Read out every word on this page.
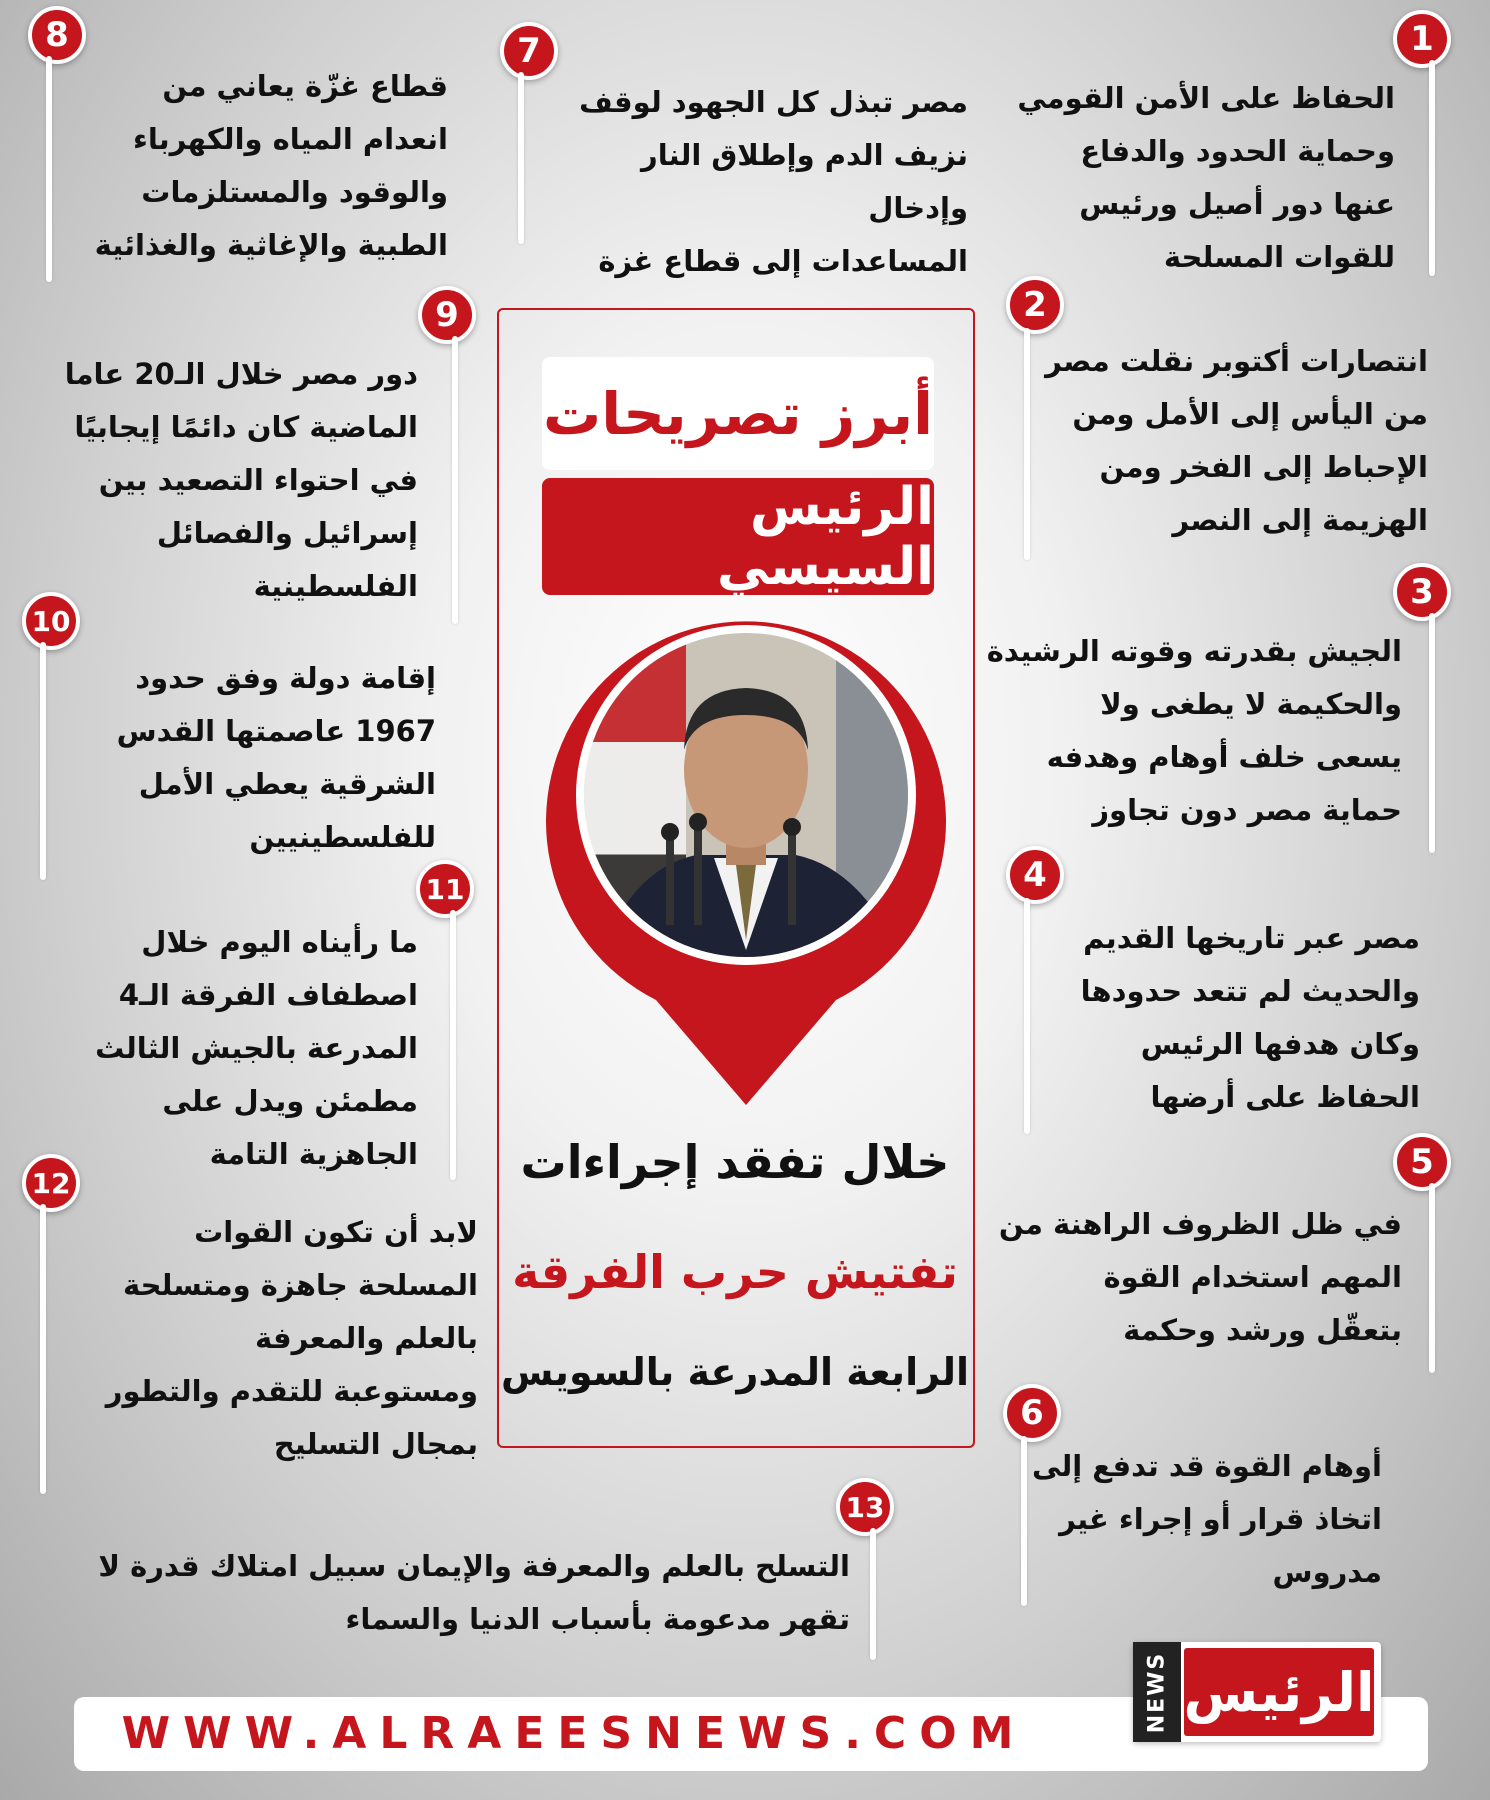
أبرز تصريحات
الرئيس السيسي
خلال تفقد إجراءات
تفتيش حرب الفرقة
الرابعة المدرعة بالسويس
1
الحفاظ على الأمن القومي
وحماية الحدود والدفاع
عنها دور أصيل ورئيس
للقوات المسلحة
2
انتصارات أكتوبر نقلت مصر
من اليأس إلى الأمل ومن
الإحباط إلى الفخر ومن
الهزيمة إلى النصر
3
الجيش بقدرته وقوته الرشيدة
والحكيمة لا يطغى ولا
يسعى خلف أوهام وهدفه
حماية مصر دون تجاوز
4
مصر عبر تاريخها القديم
والحديث لم تتعد حدودها
وكان هدفها الرئيس
الحفاظ على أرضها
5
في ظل الظروف الراهنة من
المهم استخدام القوة
بتعقّل ورشد وحكمة
6
أوهام القوة قد تدفع إلى
اتخاذ قرار أو إجراء غير
مدروس
7
مصر تبذل كل الجهود لوقف
نزيف الدم وإطلاق النار وإدخال
المساعدات إلى قطاع غزة
8
قطاع غزّة يعاني من
انعدام المياه والكهرباء
والوقود والمستلزمات
الطبية والإغاثية والغذائية
9
دور مصر خلال الـ20 عاما
الماضية كان دائمًا إيجابيًا
في احتواء التصعيد بين
إسرائيل والفصائل
الفلسطينية
10
إقامة دولة وفق حدود
1967 عاصمتها القدس
الشرقية يعطي الأمل
للفلسطينيين
11
ما رأيناه اليوم خلال
اصطفاف الفرقة الـ4
المدرعة بالجيش الثالث
مطمئن ويدل على
الجاهزية التامة
12
لابد أن تكون القوات
المسلحة جاهزة ومتسلحة
بالعلم والمعرفة
ومستوعبة للتقدم والتطور
بمجال التسليح
13
التسلح بالعلم والمعرفة والإيمان سبيل امتلاك قدرة لا
تقهر مدعومة بأسباب الدنيا والسماء
WWW.ALRAEESNEWS.COM
NEWS الرئيس
